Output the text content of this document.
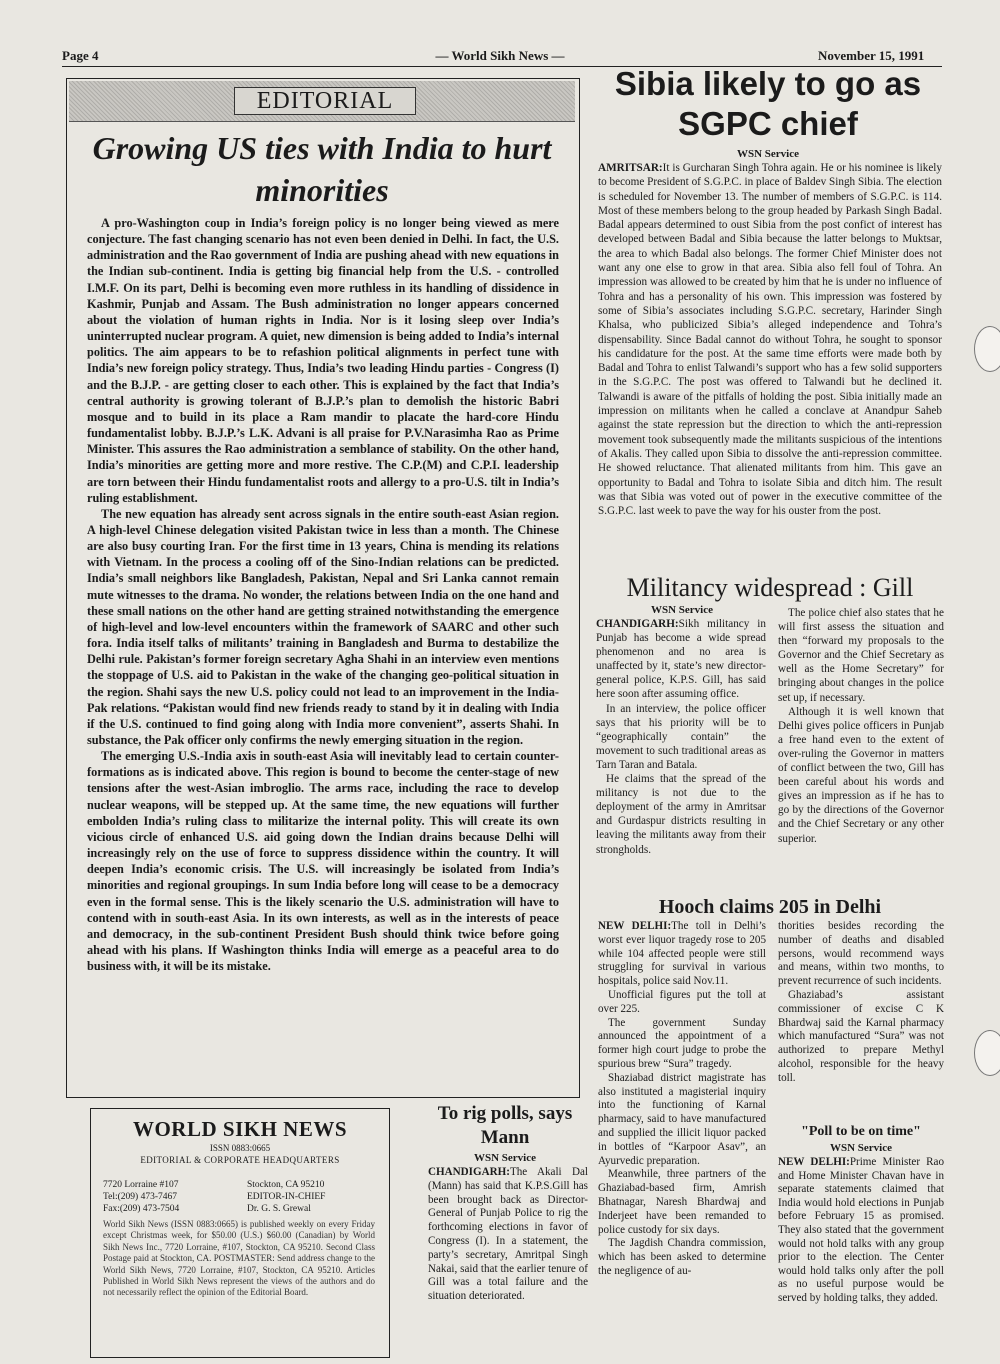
Page 4	— World Sikh News —	November 15, 1991
EDITORIAL
Growing US ties with India to hurt minorities

A pro-Washington coup in India’s foreign policy is no longer being viewed as mere conjecture. The fast changing scenario has not even been denied in Delhi. In fact, the U.S. administration and the Rao government of India are pushing ahead with new equations in the Indian sub-continent. India is getting big financial help from the U.S. - controlled I.M.F. On its part, Delhi is becoming even more ruthless in its handling of dissidence in Kashmir, Punjab and Assam. The Bush administration no longer appears concerned about the violation of human rights in India. Nor is it losing sleep over India’s uninterrupted nuclear program. A quiet, new dimension is being added to India’s internal politics. The aim appears to be to refashion political alignments in perfect tune with India’s new foreign policy strategy. Thus, India’s two leading Hindu parties - Congress (I) and the B.J.P. - are getting closer to each other. This is explained by the fact that India’s central authority is growing tolerant of B.J.P.’s plan to demolish the historic Babri mosque and to build in its place a Ram mandir to placate the hard-core Hindu fundamentalist lobby. B.J.P.’s L.K. Advani is all praise for P.V.Narasimha Rao as Prime Minister. This assures the Rao administration a semblance of stability. On the other hand, India’s minorities are getting more and more restive. The C.P.(M) and C.P.I. leadership are torn between their Hindu fundamentalist roots and allergy to a pro-U.S. tilt in India’s ruling establishment.

The new equation has already sent across signals in the entire south-east Asian region. A high-level Chinese delegation visited Pakistan twice in less than a month. The Chinese are also busy courting Iran. For the first time in 13 years, China is mending its relations with Vietnam. In the process a cooling off of the Sino-Indian relations can be predicted. India’s small neighbors like Bangladesh, Pakistan, Nepal and Sri Lanka cannot remain mute witnesses to the drama. No wonder, the relations between India on the one hand and these small nations on the other hand are getting strained notwithstanding the emergence of high-level and low-level encounters within the framework of SAARC and other such fora. India itself talks of militants’ training in Bangladesh and Burma to destabilize the Delhi rule. Pakistan’s former foreign secretary Agha Shahi in an interview even mentions the stoppage of U.S. aid to Pakistan in the wake of the changing geo-political situation in the region. Shahi says the new U.S. policy could not lead to an improvement in the India-Pak relations. “Pakistan would find new friends ready to stand by it in dealing with India if the U.S. continued to find going along with India more convenient”, asserts Shahi. In substance, the Pak officer only confirms the newly emerging situation in the region.

The emerging U.S.-India axis in south-east Asia will inevitably lead to certain counter-formations as is indicated above. This region is bound to become the center-stage of new tensions after the west-Asian imbroglio. The arms race, including the race to develop nuclear weapons, will be stepped up. At the same time, the new equations will further embolden India’s ruling class to militarize the internal polity. This will create its own vicious circle of enhanced U.S. aid going down the Indian drains because Delhi will increasingly rely on the use of force to suppress dissidence within the country. It will deepen India’s economic crisis. The U.S. will increasingly be isolated from India’s minorities and regional groupings. In sum India before long will cease to be a democracy even in the formal sense. This is the likely scenario the U.S. administration will have to contend with in south-east Asia. In its own interests, as well as in the interests of peace and democracy, in the sub-continent President Bush should think twice before going ahead with his plans. If Washington thinks India will emerge as a peaceful area to do business with, it will be its mistake.

WORLD SIKH NEWS
ISSN 0883:0665
EDITORIAL & CORPORATE HEADQUARTERS
7720 Lorraine #107
Tel:(209) 473-7467
Fax:(209) 473-7504
Stockton, CA 95210
EDITOR-IN-CHIEF
Dr. G. S. Grewal
World Sikh News (ISSN 0883:0665) is published weekly on every Friday except Christmas week, for $50.00 (U.S.) $60.00 (Canadian) by World Sikh News Inc., 7720 Lorraine, #107, Stockton, CA 95210. Second Class Postage paid at Stockton, CA. POSTMASTER: Send address change to the World Sikh News, 7720 Lorraine, #107, Stockton, CA 95210. Articles Published in World Sikh News represent the views of the authors and do not necessarily reflect the opinion of the Editorial Board.
Sibia likely to go as SGPC chief
WSN Service

AMRITSAR:It is Gurcharan Singh Tohra again. He or his nominee is likely to become President of S.G.P.C. in place of Baldev Singh Sibia. The election is scheduled for November 13. The number of members of S.G.P.C. is 114. Most of these members belong to the group headed by Parkash Singh Badal. Badal appears determined to oust Sibia from the post confict of interest has developed between Badal and Sibia because the latter belongs to Muktsar, the area to which Badal also belongs. The former Chief Minister does not want any one else to grow in that area. Sibia also fell foul of Tohra. An impression was allowed to be created by him that he is under no influence of Tohra and has a personality of his own. This impression was fostered by some of Sibia’s associates including S.G.P.C. secretary, Harinder Singh Khalsa, who publicized Sibia’s alleged independence and Tohra’s dispensability. Since Badal cannot do without Tohra, he sought to sponsor his candidature for the post. At the same time efforts were made both by Badal and Tohra to enlist Talwandi’s support who has a few solid supporters in the S.G.P.C. The post was offered to Talwandi but he declined it. Talwandi is aware of the pitfalls of holding the post. Sibia initially made an impression on militants when he called a conclave at Anandpur Saheb against the state repression but the direction to which the anti-repression movement took subsequently made the militants suspicious of the intentions of Akalis. They called upon Sibia to dissolve the anti-repression committee. He showed reluctance. That alienated militants from him. This gave an opportunity to Badal and Tohra to isolate Sibia and ditch him. The result was that Sibia was voted out of power in the executive committee of the S.G.P.C. last week to pave the way for his ouster from the post.

Militancy widespread : Gill
WSN Service

CHANDIGARH:Sikh militancy in Punjab has become a wide spread phenomenon and no area is unaffected by it, state’s new director-general police, K.P.S. Gill, has said here soon after assuming office.

In an interview, the police officer says that his priority will be to “geographically contain” the movement to such traditional areas as Tarn Taran and Batala.

He claims that the spread of the militancy is not due to the deployment of the army in Amritsar and Gurdaspur districts resulting in leaving the militants away from their strongholds.

The police chief also states that he will first assess the situation and then “forward my proposals to the Governor and the Chief Secretary as well as the Home Secretary” for bringing about changes in the police set up, if necessary.

Although it is well known that Delhi gives police officers in Punjab a free hand even to the extent of over-ruling the Governor in matters of conflict between the two, Gill has been careful about his words and gives an impression as if he has to go by the directions of the Governor and the Chief Secretary or any other superior.

Hooch claims 205 in Delhi

NEW DELHI:The toll in Delhi’s worst ever liquor tragedy rose to 205 while 104 affected people were still struggling for survival in various hospitals, police said Nov.11.

Unofficial figures put the toll at over 225.

The government Sunday announced the appointment of a former high court judge to probe the spurious brew “Sura” tragedy.

Shaziabad district magistrate has also instituted a magisterial inquiry into the functioning of Karnal pharmacy, said to have manufactured and supplied the illicit liquor packed in bottles of “Karpoor Asav”, an Ayurvedic preparation.

Meanwhile, three partners of the Ghaziabad-based firm, Amrish Bhatnagar, Naresh Bhardwaj and Inderjeet have been remanded to police custody for six days.

The Jagdish Chandra commission, which has been asked to determine the negligence of au-

thorities besides recording the number of deaths and disabled persons, would recommend ways and means, within two months, to prevent recurrence of such incidents.

Ghaziabad’s assistant commissioner of excise C K Bhardwaj said the Karnal pharmacy which manufactured “Sura” was not authorized to prepare Methyl alcohol, responsible for the heavy toll.

"Poll to be on time"
WSN Service

NEW DELHI:Prime Minister Rao and Home Minister Chavan have in separate statements claimed that India would hold elections in Punjab before February 15 as promised. They also stated that the government would not hold talks with any group prior to the election. The Center would hold talks only after the poll as no useful purpose would be served by holding talks, they added.

To rig polls, says Mann
WSN Service

CHANDIGARH:The Akali Dal (Mann) has said that K.P.S.Gill has been brought back as Director-General of Punjab Police to rig the forthcoming elections in favor of Congress (I). In a statement, the party’s secretary, Amritpal Singh Nakai, said that the earlier tenure of Gill was a total failure and the situation deteriorated.
